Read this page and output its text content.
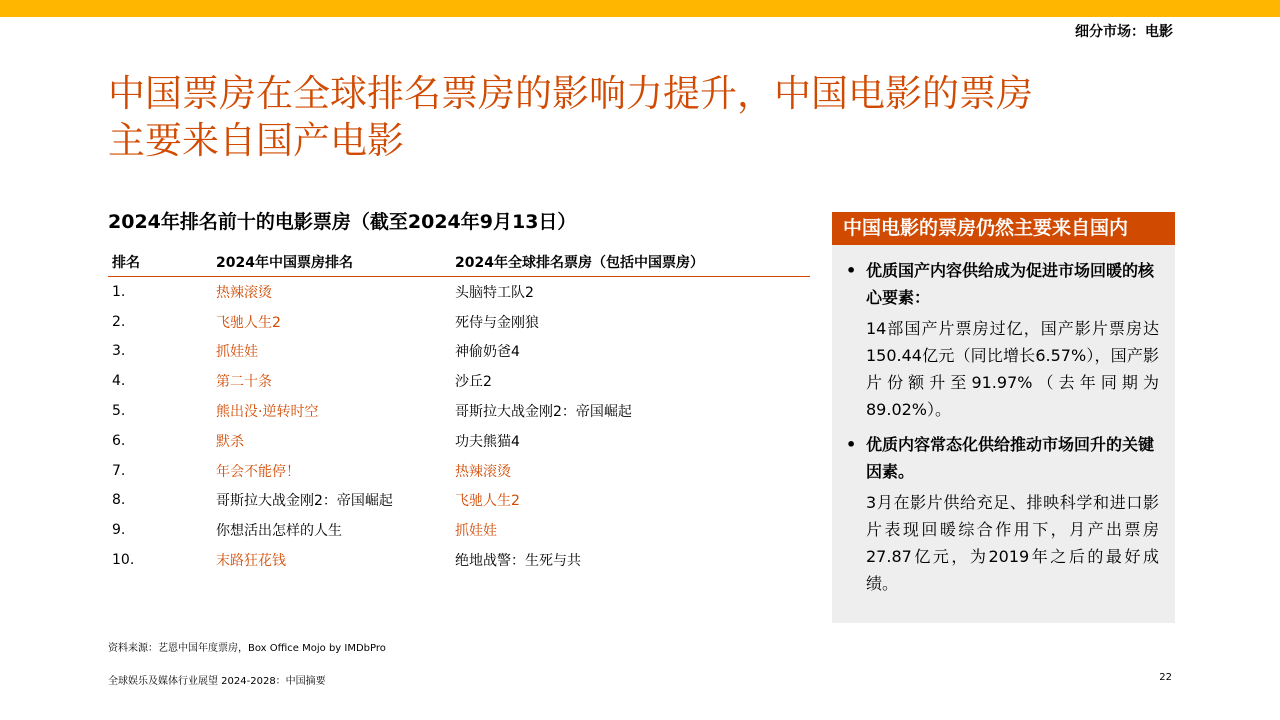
细分市场：电影
中国票房在全球排名票房的影响力提升，中国电影的票房
主要来自国产电影
2024年排名前十的电影票房（截至2024年9月13日）
排名	2024年中国票房排名	2024年全球排名票房（包括中国票房）
1.	热辣滚烫	头脑特工队2
2.	飞驰人生2	死侍与金刚狼
3.	抓娃娃	神偷奶爸4
4.	第二十条	沙丘2
5.	熊出没·逆转时空	哥斯拉大战金刚2：帝国崛起
6.	默杀	功夫熊猫4
7.	年会不能停！	热辣滚烫
8.	哥斯拉大战金刚2：帝国崛起	飞驰人生2
9.	你想活出怎样的人生	抓娃娃
10.	末路狂花钱	绝地战警：生死与共
中国电影的票房仍然主要来自国内
• 优质国产内容供给成为促进市场回暖的核心要素：
14部国产片票房过亿，国产影片票房达150.44亿元（同比增长6.57%），国产影片份额升至91.97%（去年同期为89.02%）。
• 优质内容常态化供给推动市场回升的关键因素。
3月在影片供给充足、排映科学和进口影片表现回暖综合作用下，月产出票房27.87亿元，为2019年之后的最好成绩。
资料来源：艺恩中国年度票房，Box Office Mojo by IMDbPro
全球娱乐及媒体行业展望 2024-2028：中国摘要	22
